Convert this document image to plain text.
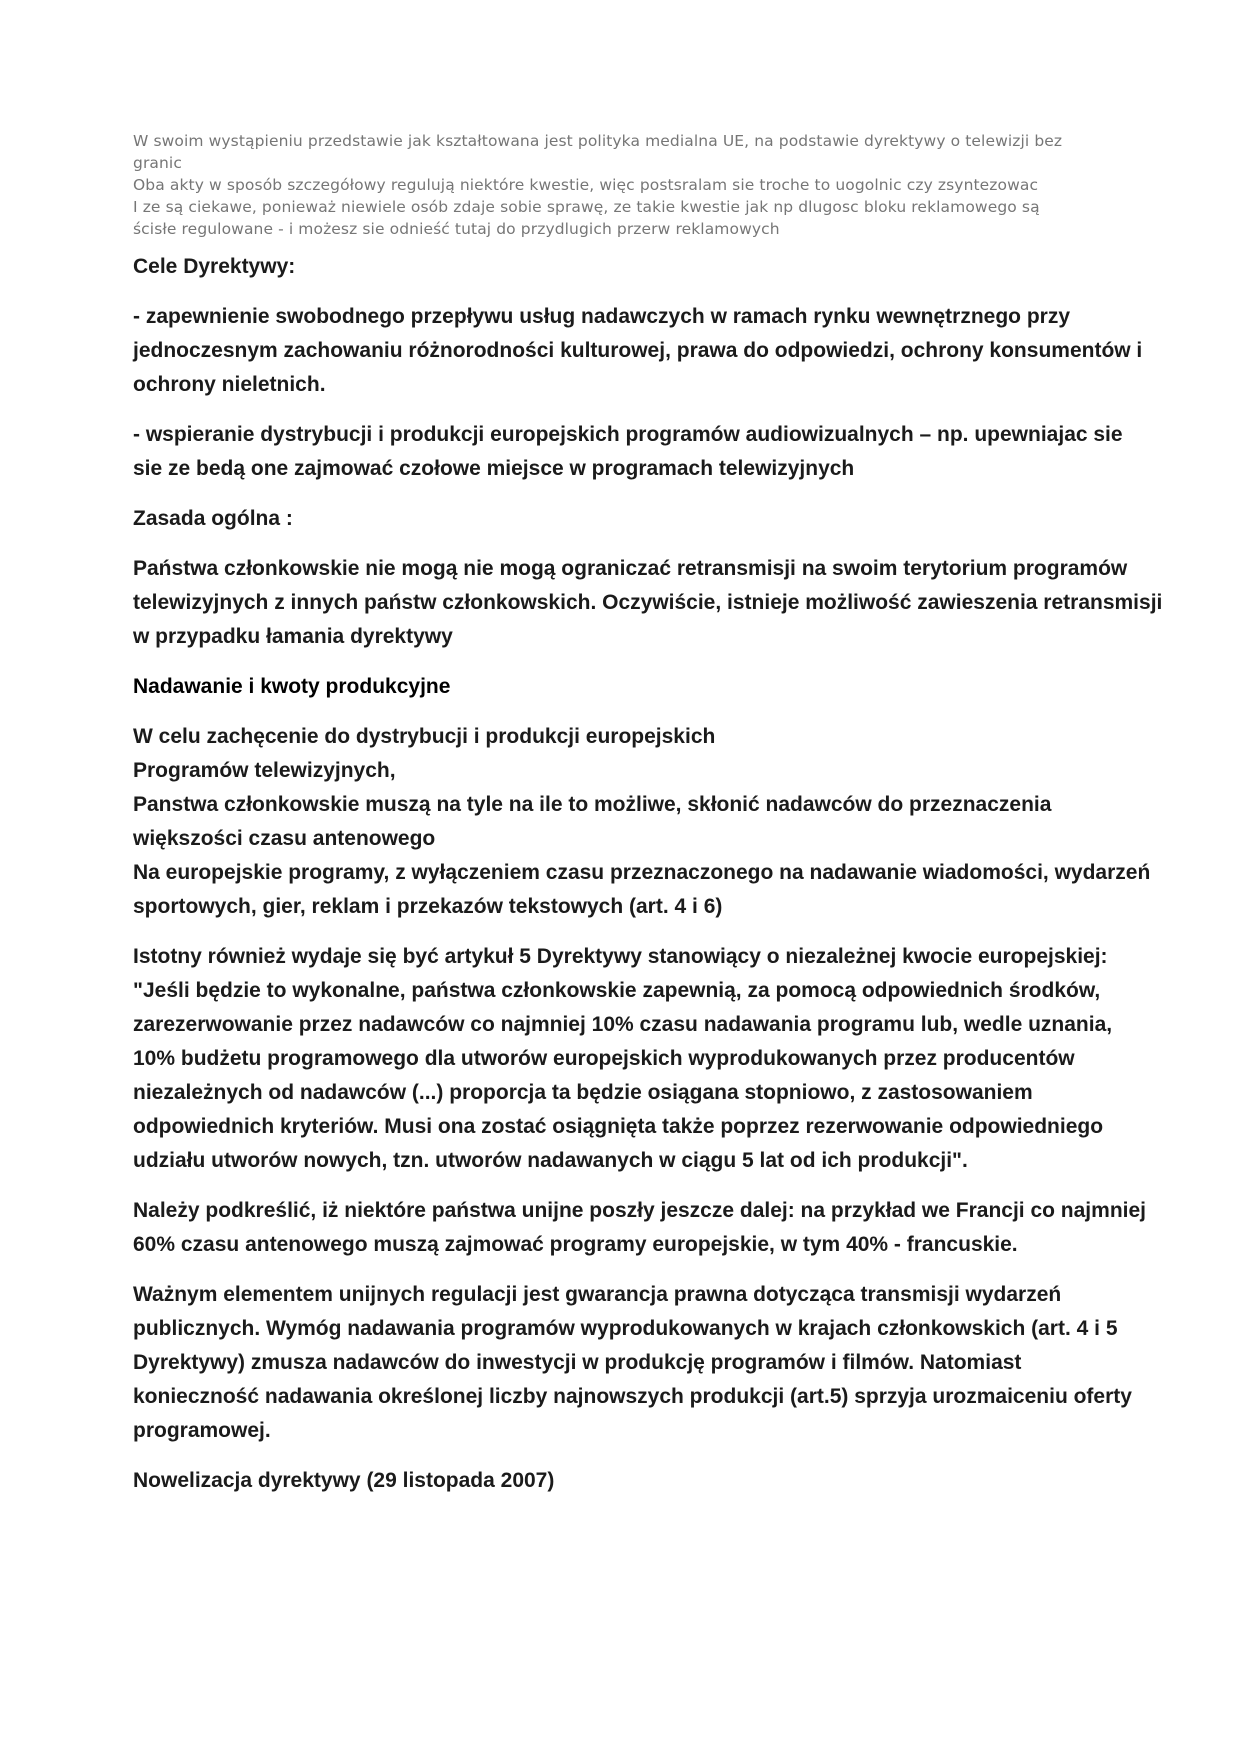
W swoim wystąpieniu przedstawie jak kształtowana jest polityka medialna UE, na podstawie dyrektywy o telewizji bez
granic
Oba akty w sposób szczegółowy regulują niektóre kwestie, więc postsralam sie troche to uogolnic czy zsyntezowac
I ze są ciekawe, ponieważ niewiele osób zdaje sobie sprawę, ze takie kwestie jak np dlugosc bloku reklamowego są
ścisłe regulowane - i możesz sie odnieść tutaj do przydlugich przerw reklamowych
Cele Dyrektywy:
- zapewnienie swobodnego przepływu usług nadawczych w ramach rynku wewnętrznego przy
jednoczesnym zachowaniu różnorodności kulturowej, prawa do odpowiedzi, ochrony konsumentów i
ochrony nieletnich.
- wspieranie dystrybucji i produkcji europejskich programów audiowizualnych – np. upewniajac sie
sie ze bedą one zajmować czołowe miejsce w programach telewizyjnych
Zasada ogólna :
Państwa członkowskie nie mogą nie mogą ograniczać retransmisji na swoim terytorium programów
telewizyjnych z innych państw członkowskich. Oczywiście, istnieje możliwość zawieszenia retransmisji
w przypadku łamania dyrektywy
Nadawanie i kwoty produkcyjne
W celu zachęcenie do dystrybucji i produkcji europejskich
Programów telewizyjnych,
Panstwa członkowskie muszą na tyle na ile to możliwe, skłonić nadawców do przeznaczenia
większości czasu antenowego
Na europejskie programy, z wyłączeniem czasu przeznaczonego na nadawanie wiadomości, wydarzeń
sportowych, gier, reklam i przekazów tekstowych (art. 4 i 6)
Istotny również wydaje się być artykuł 5 Dyrektywy stanowiący o niezależnej kwocie europejskiej:
"Jeśli będzie to wykonalne, państwa członkowskie zapewnią, za pomocą odpowiednich środków,
zarezerwowanie przez nadawców co najmniej 10% czasu nadawania programu lub, wedle uznania,
10% budżetu programowego dla utworów europejskich wyprodukowanych przez producentów
niezależnych od nadawców (...) proporcja ta będzie osiągana stopniowo, z zastosowaniem
odpowiednich kryteriów. Musi ona zostać osiągnięta także poprzez rezerwowanie odpowiedniego
udziału utworów nowych, tzn. utworów nadawanych w ciągu 5 lat od ich produkcji".
Należy podkreślić, iż niektóre państwa unijne poszły jeszcze dalej: na przykład we Francji co najmniej
60% czasu antenowego muszą zajmować programy europejskie, w tym 40% - francuskie.
Ważnym elementem unijnych regulacji jest gwarancja prawna dotycząca transmisji wydarzeń
publicznych. Wymóg nadawania programów wyprodukowanych w krajach członkowskich (art. 4 i 5
Dyrektywy) zmusza nadawców do inwestycji w produkcję programów i filmów. Natomiast
konieczność nadawania określonej liczby najnowszych produkcji (art.5) sprzyja urozmaiceniu oferty
programowej.
Nowelizacja dyrektywy (29 listopada 2007)
